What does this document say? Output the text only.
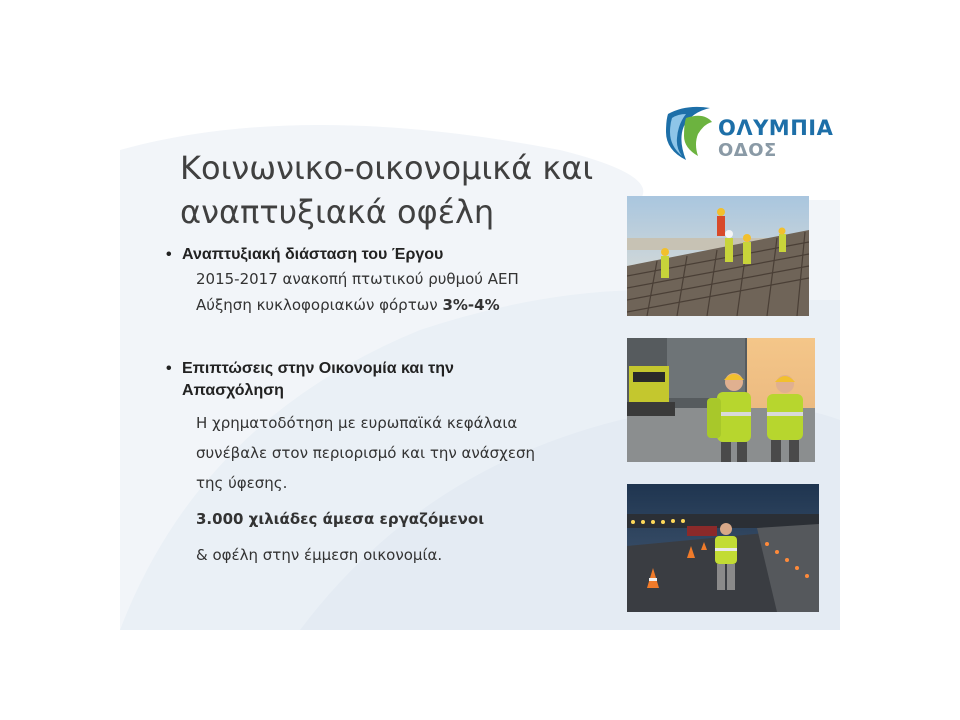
ΟΛΥΜΠΙΑ
ΟΔΟΣ
Κοινωνικο-οικονομικά και
αναπτυξιακά οφέλη
• Αναπτυξιακή διάσταση του Έργου
2015-2017 ανακοπή πτωτικού ρυθμού ΑΕΠ
Αύξηση κυκλοφοριακών φόρτων 3%-4%
• Επιπτώσεις στην Οικονομία και την
Απασχόληση
Η χρηματοδότηση με ευρωπαϊκά κεφάλαια
συνέβαλε στον περιορισμό και την ανάσχεση
της ύφεσης.
3.000 χιλιάδες άμεσα εργαζόμενοι
& οφέλη στην έμμεση οικονομία.
